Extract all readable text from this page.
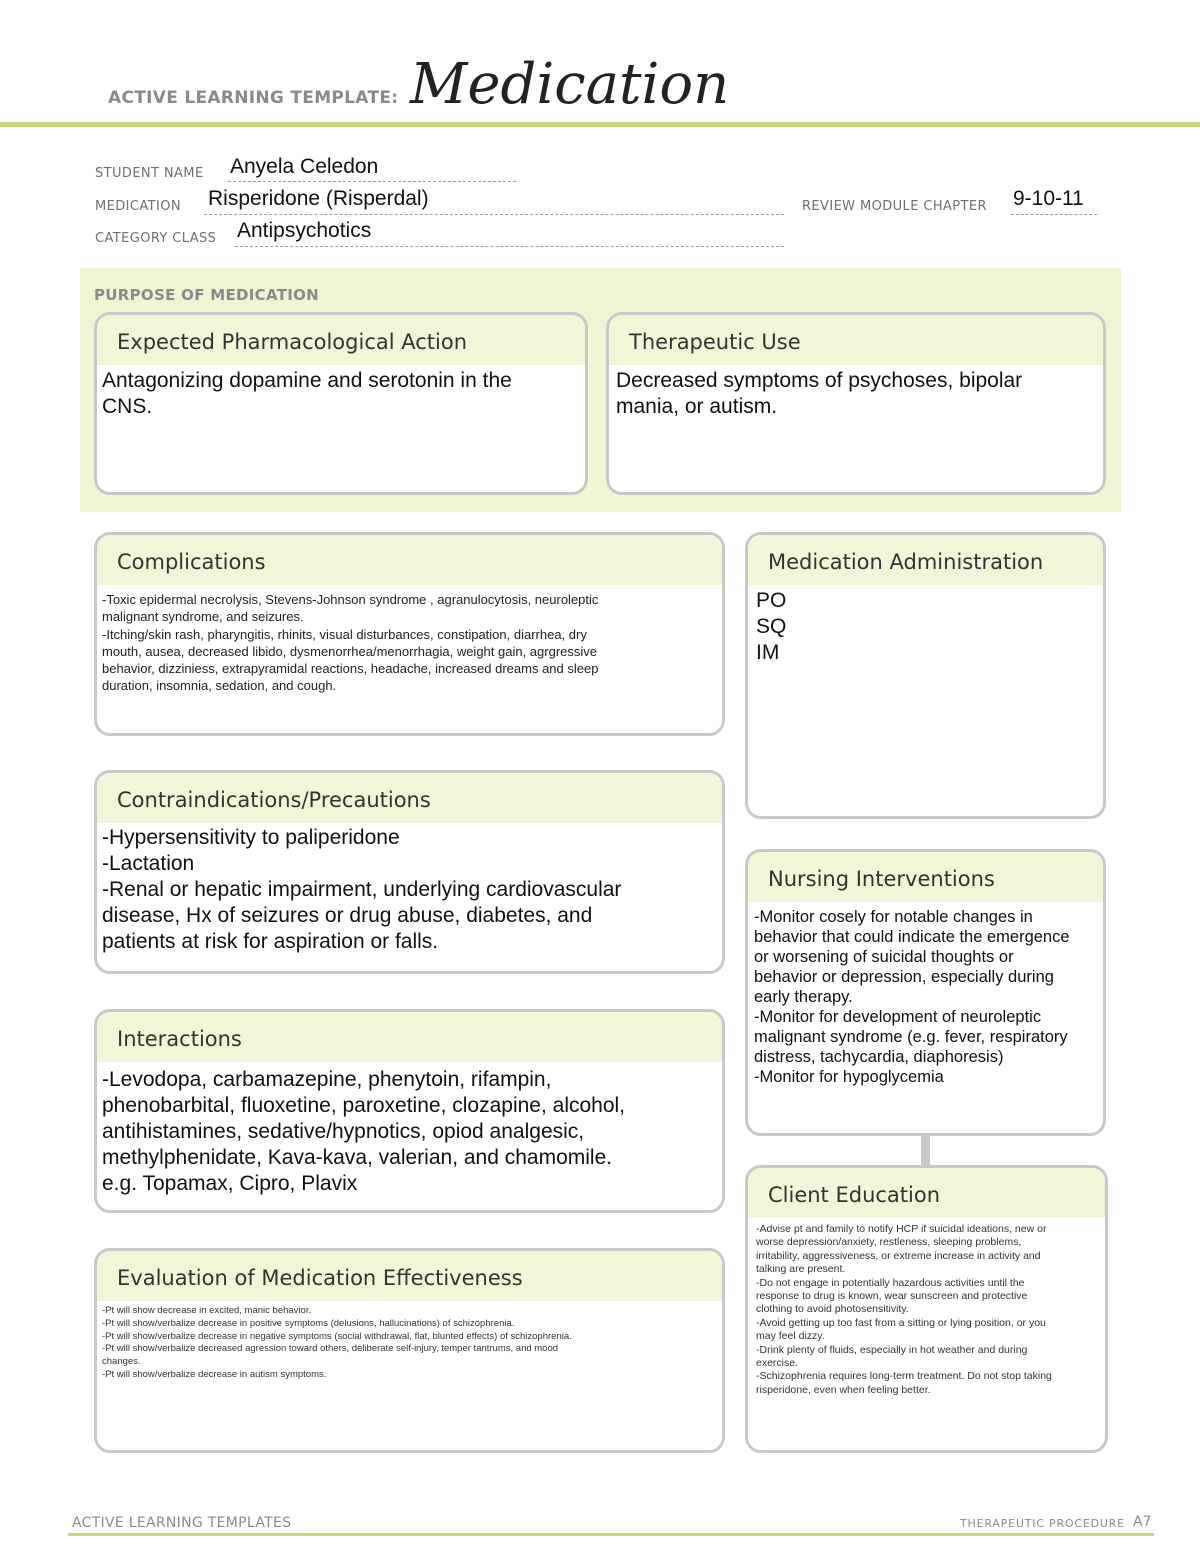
ACTIVE LEARNING TEMPLATE: Medication
STUDENT NAME Anyela Celedon
MEDICATION Risperidone (Risperdal)	REVIEW MODULE CHAPTER 9-10-11
CATEGORY CLASS Antipsychotics
PURPOSE OF MEDICATION
Expected Pharmacological Action
Antagonizing dopamine and serotonin in the
CNS.
Therapeutic Use
Decreased symptoms of psychoses, bipolar
mania, or autism.
Complications
-Toxic epidermal necrolysis, Stevens-Johnson syndrome , agranulocytosis, neuroleptic
malignant syndrome, and seizures.
-Itching/skin rash, pharyngitis, rhinits, visual disturbances, constipation, diarrhea, dry
mouth, ausea, decreased libido, dysmenorrhea/menorrhagia, weight gain, agrgressive
behavior, dizziniess, extrapyramidal reactions, headache, increased dreams and sleep
duration, insomnia, sedation, and cough.
Medication Administration
PO
SQ
IM
Contraindications/Precautions
-Hypersensitivity to paliperidone
-Lactation
-Renal or hepatic impairment, underlying cardiovascular
disease, Hx of seizures or drug abuse, diabetes, and
patients at risk for aspiration or falls.
Nursing Interventions
-Monitor cosely for notable changes in
behavior that could indicate the emergence
or worsening of suicidal thoughts or
behavior or depression, especially during
early therapy.
-Monitor for development of neuroleptic
malignant syndrome (e.g. fever, respiratory
distress, tachycardia, diaphoresis)
-Monitor for hypoglycemia
Interactions
-Levodopa, carbamazepine, phenytoin, rifampin,
phenobarbital, fluoxetine, paroxetine, clozapine, alcohol,
antihistamines, sedative/hypnotics, opiod analgesic,
methylphenidate, Kava-kava, valerian, and chamomile.
e.g. Topamax, Cipro, Plavix	Client Education
-Advise pt and family to notify HCP if suicidal ideations, new or
worse depression/anxiety, restleness, sleeping problems,
irritability, aggressiveness, or extreme increase in activity and
talking are present.
-Do not engage in potentially hazardous activities until the
response to drug is known, wear sunscreen and protective
clothing to avoid photosensitivity.
-Avoid getting up too fast from a sitting or lying position, or you
may feel dizzy.
-Drink plenty of fluids, especially in hot weather and during
exercise.
-Schizophrenia requires long-term treatment. Do not stop taking
risperidone, even when feeling better.
Evaluation of Medication Effectiveness
-Pt will show decrease in excited, manic behavior.
-Pt will show/verbalize decrease in positive symptoms (delusions, hallucinations) of schizophrenia.
-Pt will show/verbalize decrease in negative symptoms (social withdrawal, flat, blunted effects) of schizophrenia.
-Pt will show/verbalize decreased agression toward others, deliberate self-injury, temper tantrums, and mood
changes.
-Pt will show/verbalize decrease in autism symptoms.
ACTIVE LEARNING TEMPLATES	THERAPEUTIC PROCEDURE A7
